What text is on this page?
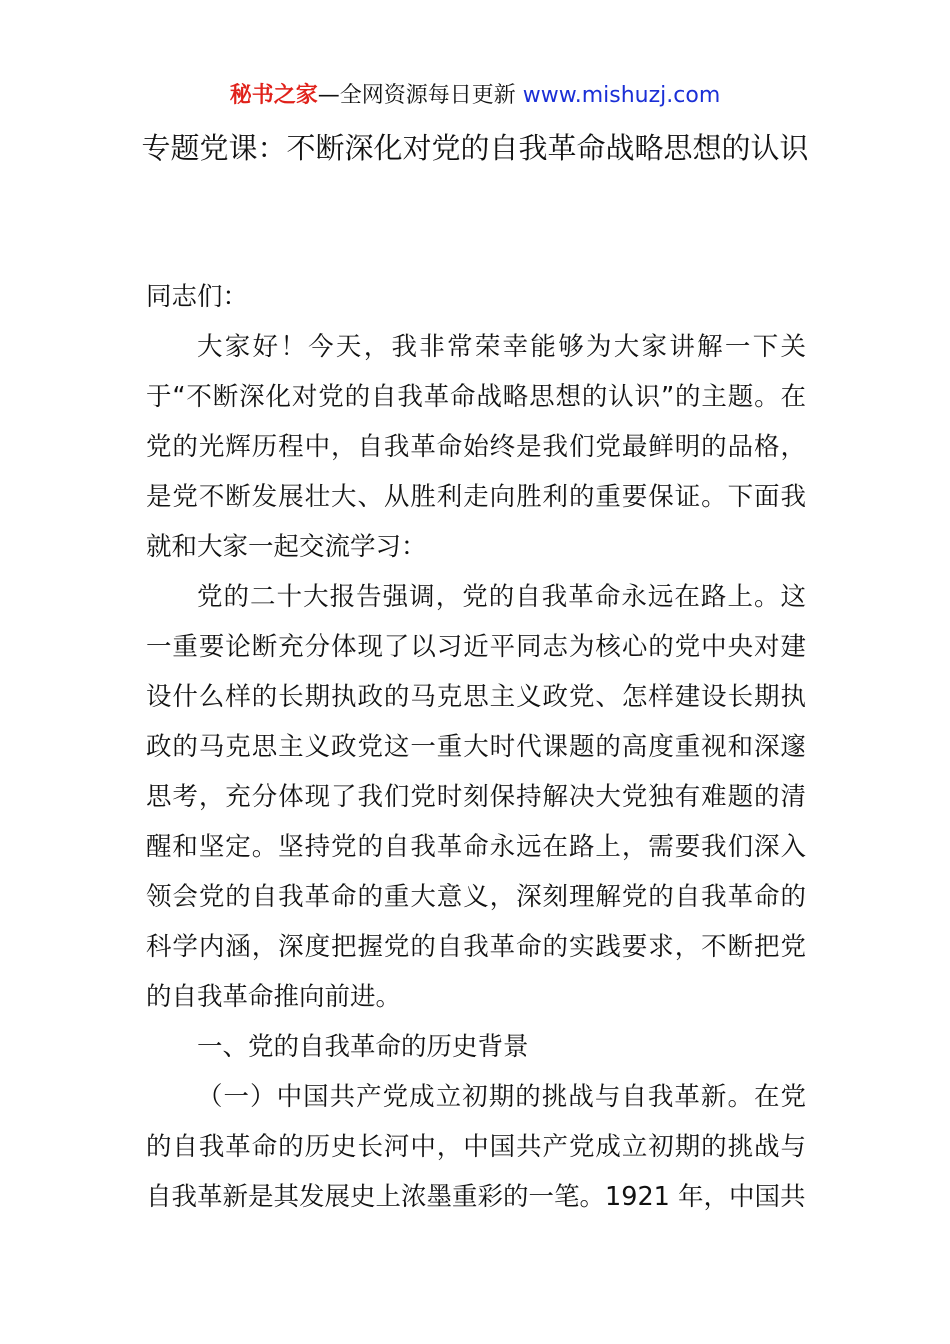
秘书之家—全网资源每日更新 www.mishuzj.com
专题党课：不断深化对党的自我革命战略思想的认识

同志们：

大家好！今天，我非常荣幸能够为大家讲解一下关于“不断深化对党的自我革命战略思想的认识”的主题。在党的光辉历程中，自我革命始终是我们党最鲜明的品格，是党不断发展壮大、从胜利走向胜利的重要保证。下面我就和大家一起交流学习：

党的二十大报告强调，党的自我革命永远在路上。这一重要论断充分体现了以习近平同志为核心的党中央对建设什么样的长期执政的马克思主义政党、怎样建设长期执政的马克思主义政党这一重大时代课题的高度重视和深邃思考，充分体现了我们党时刻保持解决大党独有难题的清醒和坚定。坚持党的自我革命永远在路上，需要我们深入领会党的自我革命的重大意义，深刻理解党的自我革命的科学内涵，深度把握党的自我革命的实践要求，不断把党的自我革命推向前进。

一、党的自我革命的历史背景

（一）中国共产党成立初期的挑战与自我革新。在党的自我革命的历史长河中，中国共产党成立初期的挑战与自我革新是其发展史上浓墨重彩的一笔。1921 年，中国共
